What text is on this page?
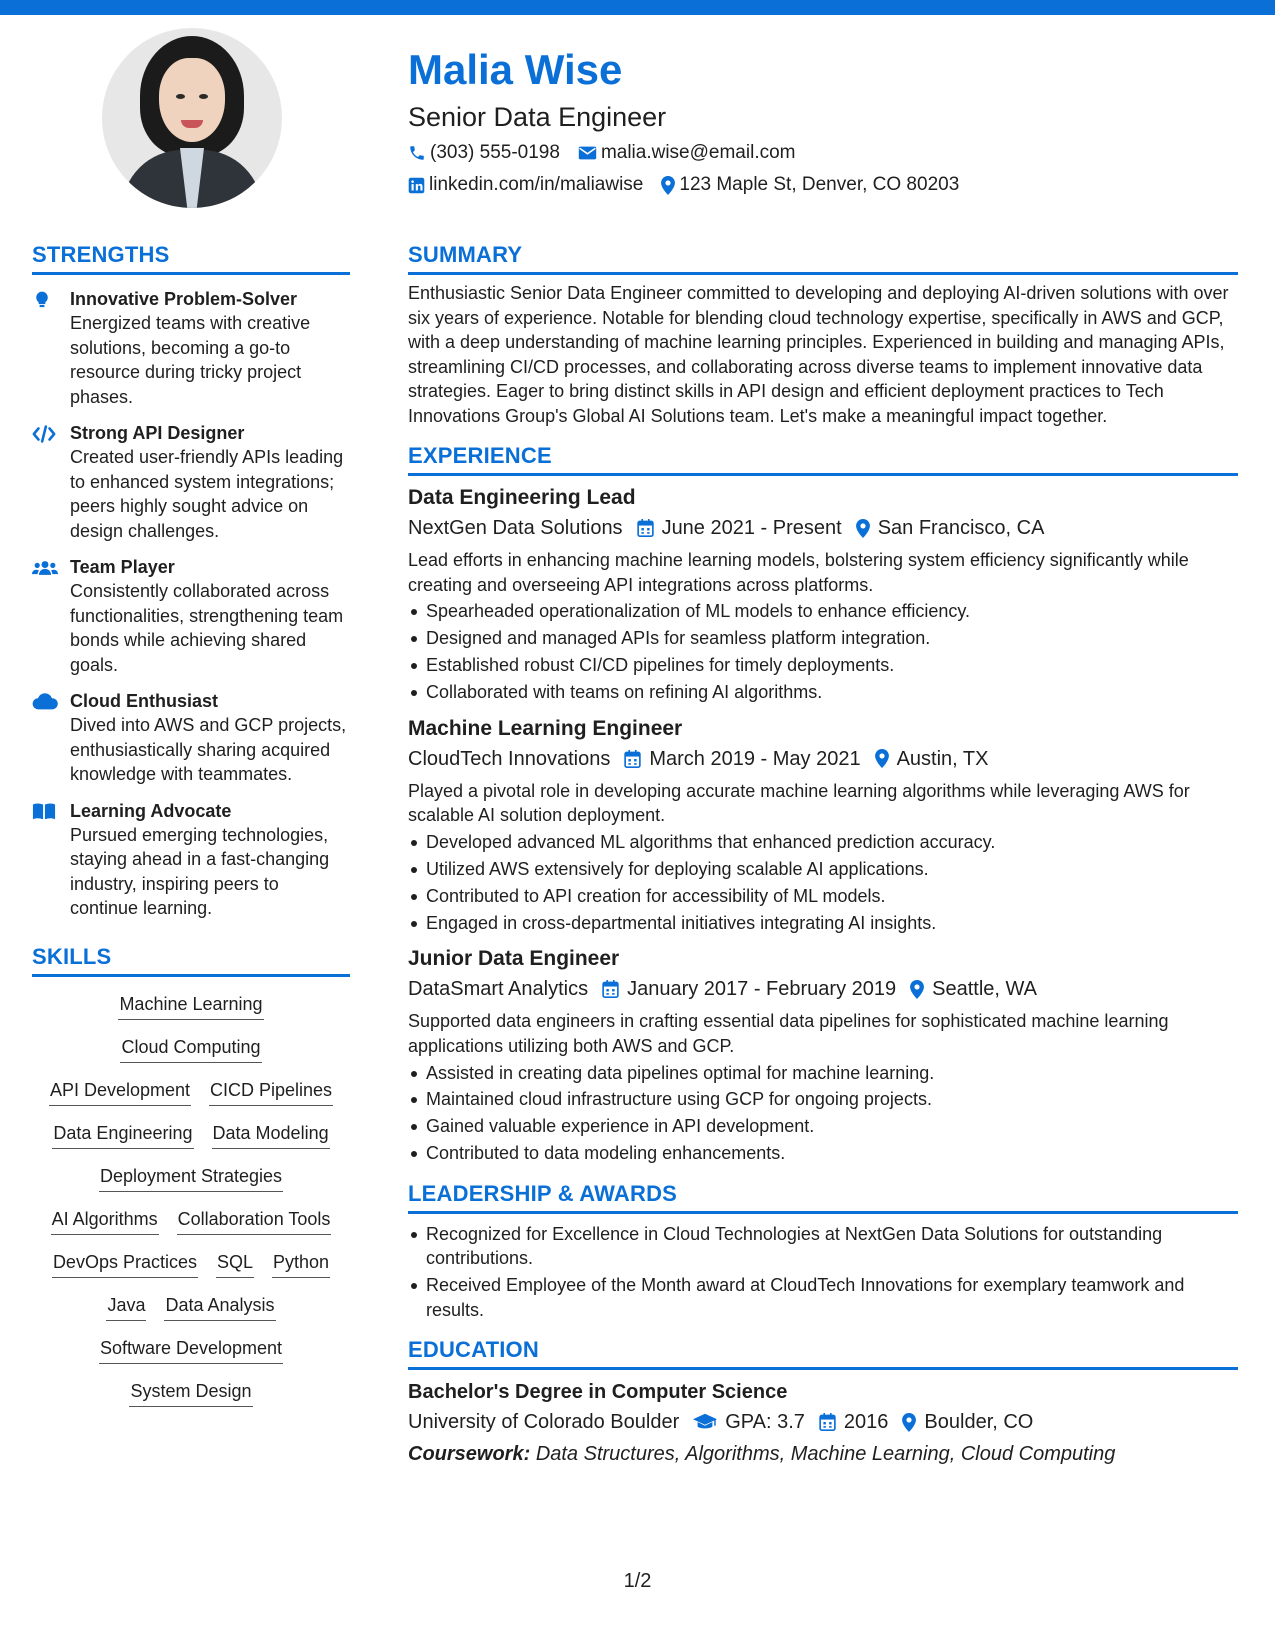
Malia Wise
Senior Data Engineer
(303) 555-0198 malia.wise@email.com
linkedin.com/in/maliawise 123 Maple St, Denver, CO 80203
STRENGTHS
Innovative Problem-Solver
Energized teams with creative solutions, becoming a go-to resource during tricky project phases.
Strong API Designer
Created user-friendly APIs leading to enhanced system integrations; peers highly sought advice on design challenges.
Team Player
Consistently collaborated across functionalities, strengthening team bonds while achieving shared goals.
Cloud Enthusiast
Dived into AWS and GCP projects, enthusiastically sharing acquired knowledge with teammates.
Learning Advocate
Pursued emerging technologies, staying ahead in a fast-changing industry, inspiring peers to continue learning.
SKILLS
Machine Learning
Cloud Computing
API Development CICD Pipelines
Data Engineering Data Modeling
Deployment Strategies
AI Algorithms Collaboration Tools
DevOps Practices SQL Python
Java Data Analysis
Software Development
System Design
SUMMARY
Enthusiastic Senior Data Engineer committed to developing and deploying AI-driven solutions with over six years of experience. Notable for blending cloud technology expertise, specifically in AWS and GCP, with a deep understanding of machine learning principles. Experienced in building and managing APIs, streamlining CI/CD processes, and collaborating across diverse teams to implement innovative data strategies. Eager to bring distinct skills in API design and efficient deployment practices to Tech Innovations Group's Global AI Solutions team. Let's make a meaningful impact together.
EXPERIENCE
Data Engineering Lead
NextGen Data Solutions June 2021 - Present San Francisco, CA
Lead efforts in enhancing machine learning models, bolstering system efficiency significantly while creating and overseeing API integrations across platforms.
Spearheaded operationalization of ML models to enhance efficiency.
Designed and managed APIs for seamless platform integration.
Established robust CI/CD pipelines for timely deployments.
Collaborated with teams on refining AI algorithms.
Machine Learning Engineer
CloudTech Innovations March 2019 - May 2021 Austin, TX
Played a pivotal role in developing accurate machine learning algorithms while leveraging AWS for scalable AI solution deployment.
Developed advanced ML algorithms that enhanced prediction accuracy.
Utilized AWS extensively for deploying scalable AI applications.
Contributed to API creation for accessibility of ML models.
Engaged in cross-departmental initiatives integrating AI insights.
Junior Data Engineer
DataSmart Analytics January 2017 - February 2019 Seattle, WA
Supported data engineers in crafting essential data pipelines for sophisticated machine learning applications utilizing both AWS and GCP.
Assisted in creating data pipelines optimal for machine learning.
Maintained cloud infrastructure using GCP for ongoing projects.
Gained valuable experience in API development.
Contributed to data modeling enhancements.
LEADERSHIP & AWARDS
Recognized for Excellence in Cloud Technologies at NextGen Data Solutions for outstanding contributions.
Received Employee of the Month award at CloudTech Innovations for exemplary teamwork and results.
EDUCATION
Bachelor's Degree in Computer Science
University of Colorado Boulder GPA: 3.7 2016 Boulder, CO
Coursework: Data Structures, Algorithms, Machine Learning, Cloud Computing
1/2
